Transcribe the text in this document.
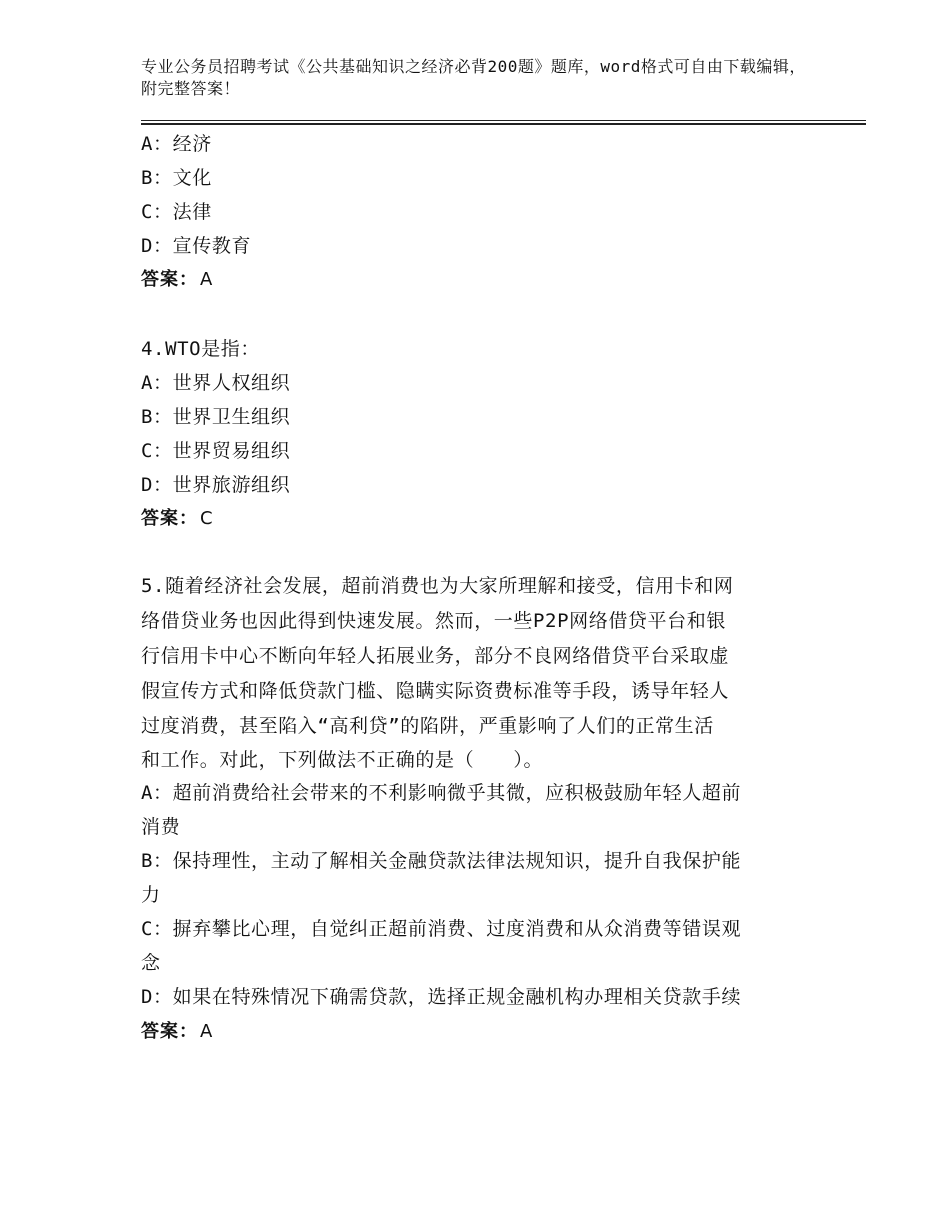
专业公务员招聘考试《公共基础知识之经济必背200题》题库，word格式可自由下载编辑，附完整答案！
A：经济
B：文化
C：法律
D：宣传教育
答案： A
4.WTO是指：
A：世界人权组织
B：世界卫生组织
C：世界贸易组织
D：世界旅游组织
答案： C
5.随着经济社会发展，超前消费也为大家所理解和接受，信用卡和网
络借贷业务也因此得到快速发展。然而，一些P2P网络借贷平台和银
行信用卡中心不断向年轻人拓展业务，部分不良网络借贷平台采取虚
假宣传方式和降低贷款门槛、隐瞒实际资费标准等手段，诱导年轻人
过度消费，甚至陷入“高利贷”的陷阱，严重影响了人们的正常生活
和工作。对此，下列做法不正确的是（　　）。
A：超前消费给社会带来的不利影响微乎其微，应积极鼓励年轻人超前
消费
B：保持理性，主动了解相关金融贷款法律法规知识，提升自我保护能
力
C：摒弃攀比心理，自觉纠正超前消费、过度消费和从众消费等错误观
念
D：如果在特殊情况下确需贷款，选择正规金融机构办理相关贷款手续
答案： A
